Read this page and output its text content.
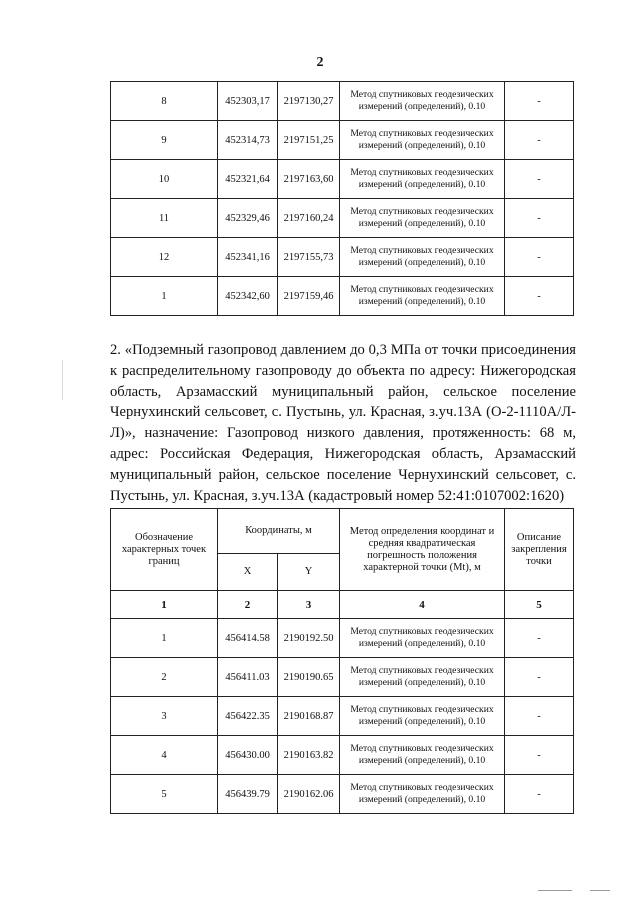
2
8	452303,17	2197130,27	Метод спутниковых геодезических измерений (определений), 0.10	-
9	452314,73	2197151,25	Метод спутниковых геодезических измерений (определений), 0.10	-
10	452321,64	2197163,60	Метод спутниковых геодезических измерений (определений), 0.10	-
11	452329,46	2197160,24	Метод спутниковых геодезических измерений (определений), 0.10	-
12	452341,16	2197155,73	Метод спутниковых геодезических измерений (определений), 0.10	-
1	452342,60	2197159,46	Метод спутниковых геодезических измерений (определений), 0.10	-
2. «Подземный газопровод давлением до 0,3 МПа от точки присоединения к распределительному газопроводу до объекта по адресу: Нижегородская область, Арзамасский муниципальный район, сельское поселение Чернухинский сельсовет, с. Пустынь, ул. Красная, з.уч.13А (О-2-1110А/Л-Л)», назначение: Газопровод низкого давления, протяженность: 68 м, адрес: Российская Федерация, Нижегородская область, Арзамасский муниципальный район, сельское поселение Чернухинский сельсовет, с. Пустынь, ул. Красная, з.уч.13А (кадастровый номер 52:41:0107002:1620)
Обозначение характерных точек границ	Координаты, м		Метод определения координат и средняя квадратическая погрешность положения характерной точки (Mt), м	Описание закрепления точки
	X	Y		
1	2	3	4	5
1	456414.58	2190192.50	Метод спутниковых геодезических измерений (определений), 0.10	-
2	456411.03	2190190.65	Метод спутниковых геодезических измерений (определений), 0.10	-
3	456422.35	2190168.87	Метод спутниковых геодезических измерений (определений), 0.10	-
4	456430.00	2190163.82	Метод спутниковых геодезических измерений (определений), 0.10	-
5	456439.79	2190162.06	Метод спутниковых геодезических измерений (определений), 0.10	-
